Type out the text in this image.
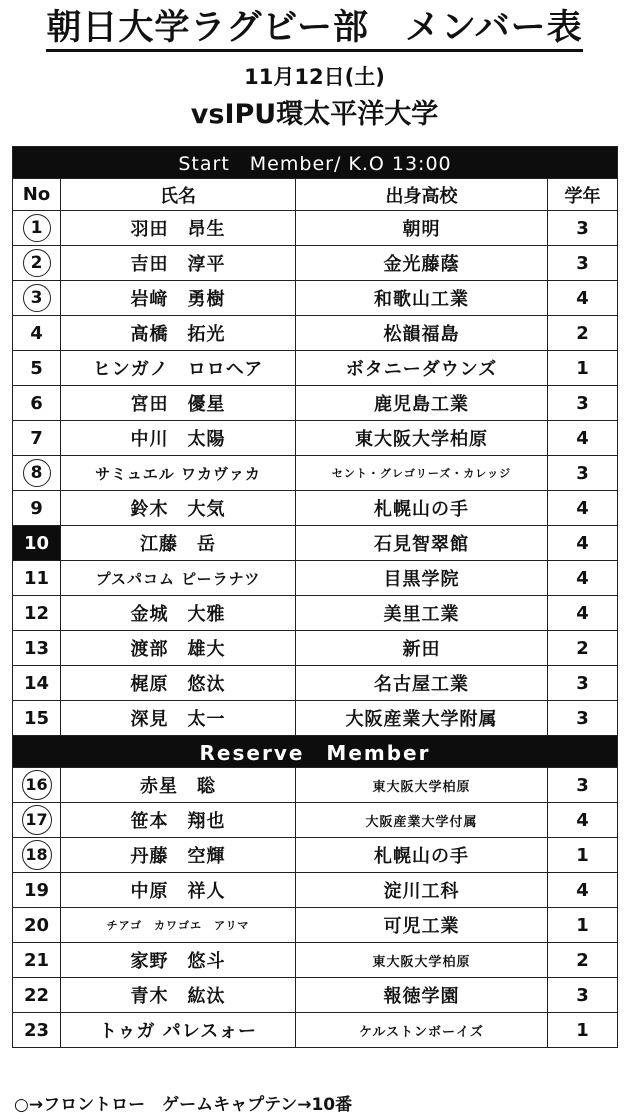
朝日大学ラグビー部　メンバー表
11月12日(土)
vsIPU環太平洋大学
Start　Member/ K.O 13:00			
No	氏名	出身高校	学年
1	羽田　昂生	朝明	3
2	吉田　淳平	金光藤蔭	3
3	岩﨑　勇樹	和歌山工業	4
4	高橋　拓光	松韻福島	2
5	ヒンガノ　ロロヘア	ボタニーダウンズ	1
6	宮田　優星	鹿児島工業	3
7	中川　太陽	東大阪大学柏原	4
8	サミュエル ワカヴァカ	セント・グレゴリーズ・カレッジ	3
9	鈴木　大気	札幌山の手	4
10	江藤　岳	石見智翠館	4
11	プスパコム ピーラナツ	目黒学院	4
12	金城　大雅	美里工業	4
13	渡部　雄大	新田	2
14	梶原　悠汰	名古屋工業	3
15	深見　太一	大阪産業大学附属	3
Reserve　Member			
16	赤星　聡	東大阪大学柏原	3
17	笹本　翔也	大阪産業大学付属	4
18	丹藤　空輝	札幌山の手	1
19	中原　祥人	淀川工科	4
20	チアゴ　カワゴエ　アリマ	可児工業	1
21	家野　悠斗	東大阪大学柏原	2
22	青木　紘汰	報徳学園	3
23	トゥガ パレスォー	ケルストンボーイズ	1
○→フロントロー　ゲームキャプテン→10番
